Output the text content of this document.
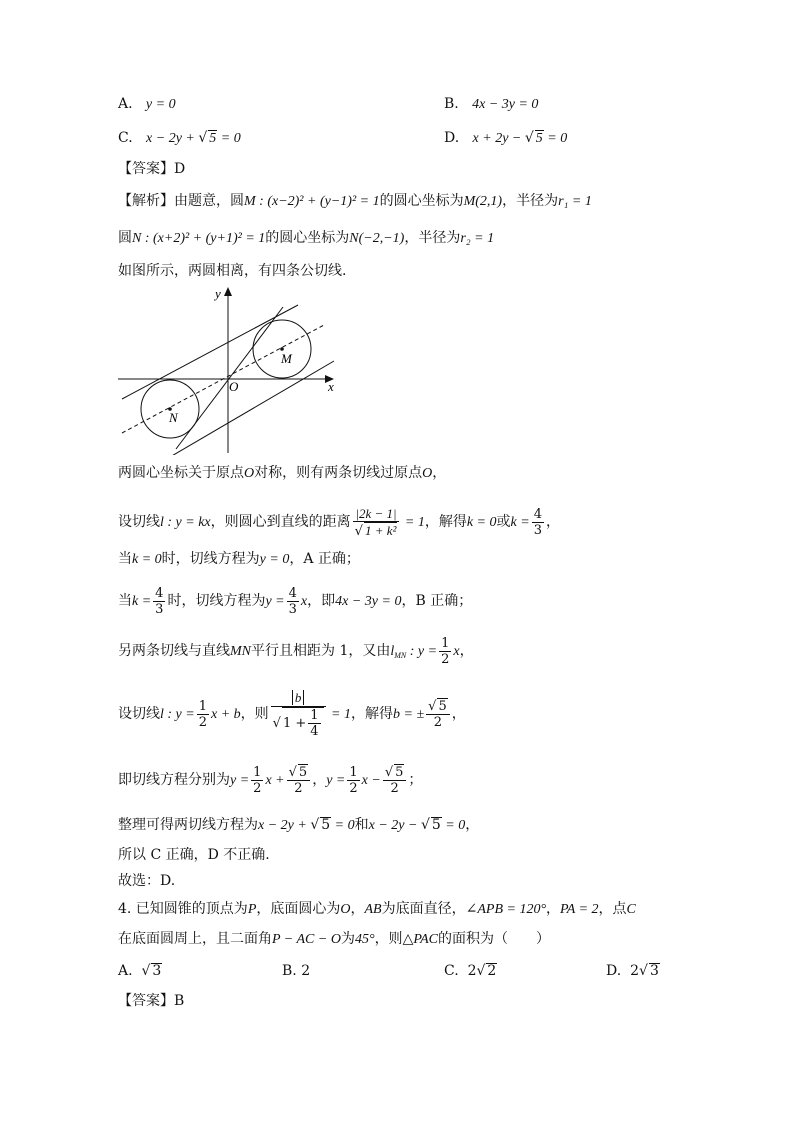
A. y = 0	B. 4x − 3y = 0
C. x − 2y + √ 5 = 0	D. x + 2y − √ 5 = 0
【答案】D
【解析】由题意，圆M : (x−2)² + (y−1)² = 1的圆心坐标为M(2,1)，半径为r₁ = 1
圆N : (x+2)² + (y+1)² = 1的圆心坐标为N(−2,−1)，半径为r₂ = 1
如图所示，两圆相离，有四条公切线.
y
x
O
M
N
两圆心坐标关于原点O对称，则有两条切线过原点O，
设切线l : y = kx，则圆心到直线的距离 $\frac{|2k - 1|}{\text{√ 1 + k²}} = 1$，解得k = 0或$k = \frac{4}{3}$ ，
当k = 0时，切线方程为y = 0，A 正确；
当$k = \frac{4}{3}$ 时，切线方程为$y = \frac{4}{3}$ x，即4x − 3y = 0，B 正确；
另两条切线与直线MN平行且相距为 1，又由$l_{MN}$ : $y = \frac{1}{2}$ x，
设切线l : $y = \frac{1}{2}$ x + b，则 $\frac{b}{√ 1 + \frac{1}{4}} = 1$，解得b = ± $\frac{√ 5}{2}$ ，
即切线方程分别为$y = \frac{1}{2}$ $x + \frac{√ 5}{2}$ ，$y = \frac{1}{2}$ $x - \frac{√ 5}{2}$ ；
整理可得两切线方程为x − 2y + √ 5 = 0和x − 2y − √ 5 = 0，
所以 C 正确，D 不正确.
故选：D.
4. 已知圆锥的顶点为P，底面圆心为O，AB为底面直径，∠APB = 120°，PA = 2，点C
在底面圆周上，且二面角P − AC − O为45°，则△PAC的面积为（　　）
A. √ 3	B. 2	C. 2√ 2	D. 2√ 3
【答案】B
